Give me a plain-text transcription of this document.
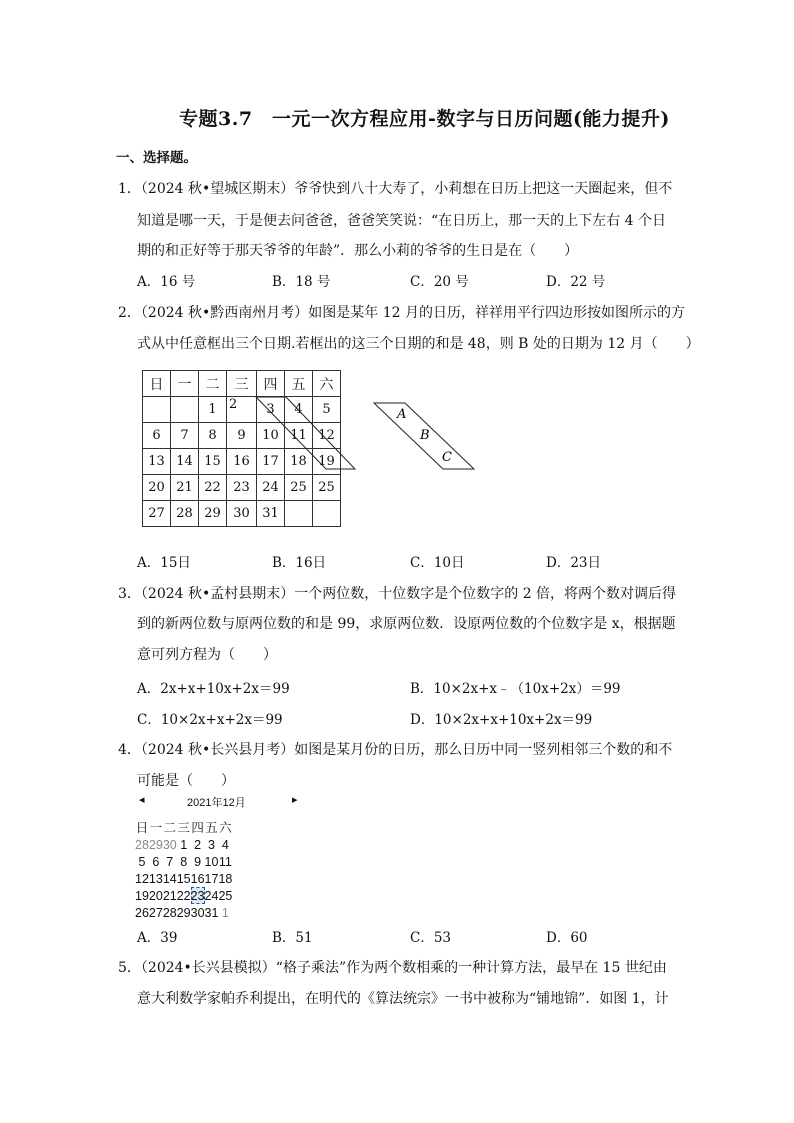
专题3.7　一元一次方程应用-数字与日历问题(能力提升)
一、选择题。
1．（2024 秋•望城区期末）爷爷快到八十大寿了，小莉想在日历上把这一天圈起来，但不
知道是哪一天，于是便去问爸爸，爸爸笑笑说：“在日历上，那一天的上下左右 4 个日
期的和正好等于那天爷爷的年龄”．那么小莉的爷爷的生日是在（　　）
A．16 号	B．18 号	C．20 号	D．22 号
2．（2024 秋•黔西南州月考）如图是某年 12 月的日历，祥祥用平行四边形按如图所示的方
式从中任意框出三个日期.若框出的这三个日期的和是 48，则 B 处的日期为 12 月（　　）
日	一	二	三	四	五	六
		1	2	3	4	5
6	7	8	9	10	11	12
13	14	15	16	17	18	19
20	21	22	23	24	25	25
27	28	29	30	31		
A
B
C
A．15日	B．16日	C．10日	D．23日
3．（2024 秋•孟村县期末）一个两位数，十位数字是个位数字的 2 倍，将两个数对调后得
到的新两位数与原两位数的和是 99，求原两位数．设原两位数的个位数字是 x，根据题
意可列方程为（　　）
A．2x+x+10x+2x＝99	B．10×2x+x﹣（10x+2x）＝99
C．10×2x+x+2x＝99	D．10×2x+x+10x+2x＝99
4．（2024 秋•长兴县月考）如图是某月份的日历，那么日历中同一竖列相邻三个数的和不
可能是（　　）
◂	2021年12月	▸
日	一	二	三	四	五	六
28	29	30	1	2	3	4
5	6	7	8	9	10	11
12	13	14	15	16	17	18
19	20	21	22	23	24	25
26	27	28	29	30	31	1
A．39	B．51	C．53	D．60
5．（2024•长兴县模拟）“格子乘法”作为两个数相乘的一种计算方法，最早在 15 世纪由
意大利数学家帕乔利提出，在明代的《算法统宗》一书中被称为“铺地锦”．如图 1，计
